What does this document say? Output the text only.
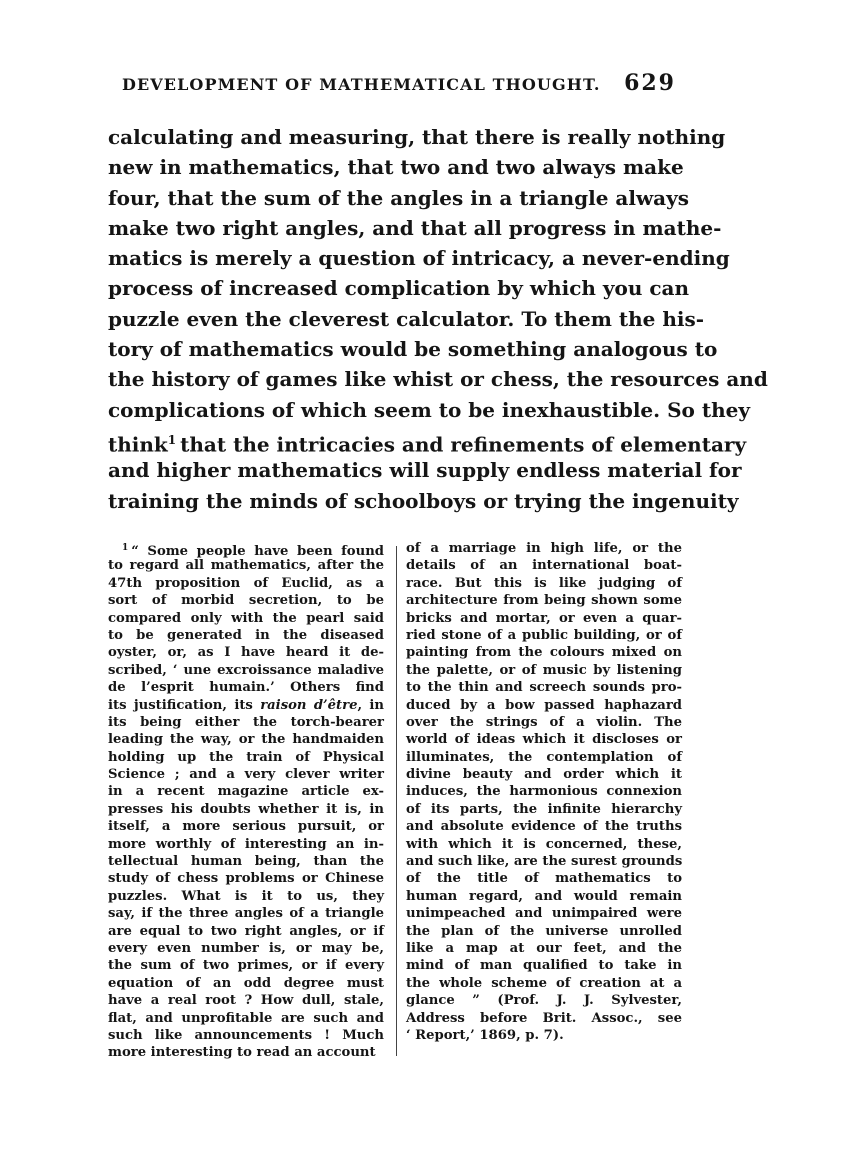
DEVELOPMENT OF MATHEMATICAL THOUGHT. 629
calculating and measuring, that there is really nothing
new in mathematics, that two and two always make
four, that the sum of the angles in a triangle always
make two right angles, and that all progress in mathe-
matics is merely a question of intricacy, a never-ending
process of increased complication by which you can
puzzle even the cleverest calculator. To them the his-
tory of mathematics would be something analogous to
the history of games like whist or chess, the resources and
complications of which seem to be inexhaustible. So they
think$^1$ that the intricacies and refinements of elementary
and higher mathematics will supply endless material for
training the minds of schoolboys or trying the ingenuity
$^1$ “ Some people have been found
to regard all mathematics, after the
47th proposition of Euclid, as a
sort of morbid secretion, to be
compared only with the pearl said
to be generated in the diseased
oyster, or, as I have heard it de-
scribed, ‘ une excroissance maladive
de l’esprit humain.’ Others find
its justification, its raison d’être, in
its being either the torch-bearer
leading the way, or the handmaiden
holding up the train of Physical
Science ; and a very clever writer
in a recent magazine article ex-
presses his doubts whether it is, in
itself, a more serious pursuit, or
more worthly of interesting an in-
tellectual human being, than the
study of chess problems or Chinese
puzzles. What is it to us, they
say, if the three angles of a triangle
are equal to two right angles, or if
every even number is, or may be,
the sum of two primes, or if every
equation of an odd degree must
have a real root ? How dull, stale,
flat, and unprofitable are such and
such like announcements ! Much
more interesting to read an account
of a marriage in high life, or the
details of an international boat-
race. But this is like judging of
architecture from being shown some
bricks and mortar, or even a quar-
ried stone of a public building, or of
painting from the colours mixed on
the palette, or of music by listening
to the thin and screech sounds pro-
duced by a bow passed haphazard
over the strings of a violin. The
world of ideas which it discloses or
illuminates, the contemplation of
divine beauty and order which it
induces, the harmonious connexion
of its parts, the infinite hierarchy
and absolute evidence of the truths
with which it is concerned, these,
and such like, are the surest grounds
of the title of mathematics to
human regard, and would remain
unimpeached and unimpaired were
the plan of the universe unrolled
like a map at our feet, and the
mind of man qualified to take in
the whole scheme of creation at a
glance ” (Prof. J. J. Sylvester,
Address before Brit. Assoc., see
‘ Report,’ 1869, p. 7).
